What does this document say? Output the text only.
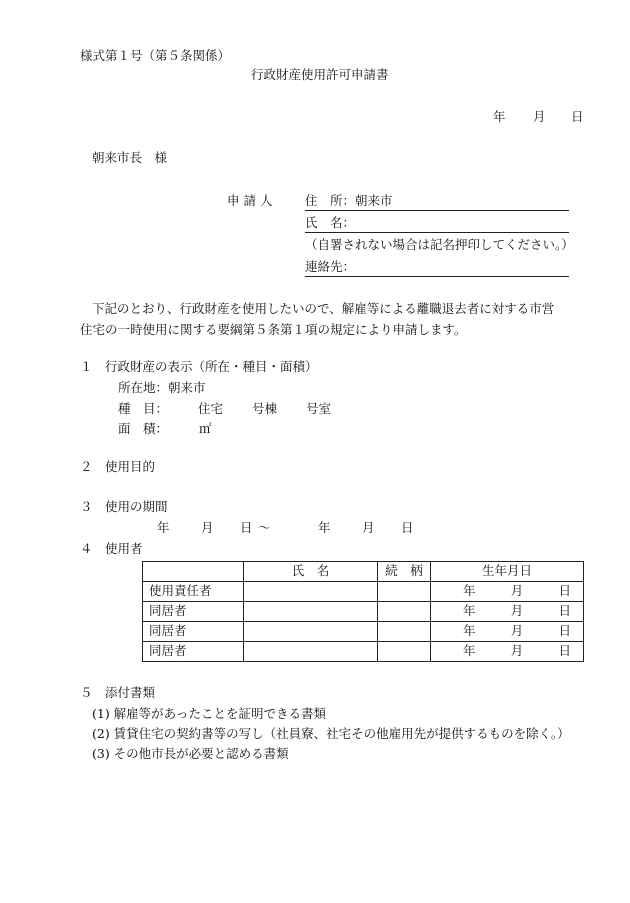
様式第１号（第５条関係）
行政財産使用許可申請書
年 月 日
朝来市長　様
申 請 人	住　所：朝来市
氏　名：
（自署されない場合は記名押印してください。）
連絡先：
下記のとおり、行政財産を使用したいので、解雇等による離職退去者に対する市営
住宅の一時使用に関する要綱第５条第１項の規定により申請します。
１　行政財産の表示（所在・種目・面積）
所在地：朝来市
種　目： 住宅 号棟 号室
面　積： ㎡
２　使用目的
３　使用の期間
年	月 日 ～	年	月 日
４　使用者
	氏　名	続　柄	生年月日
使用責任者			年 月 日

同居者			年 月 日

同居者			年 月 日

同居者			年 月 日
５　添付書類
(1) 解雇等があったことを証明できる書類
(2) 賃貸住宅の契約書等の写し（社員寮、社宅その他雇用先が提供するものを除く。）
(3) その他市長が必要と認める書類
